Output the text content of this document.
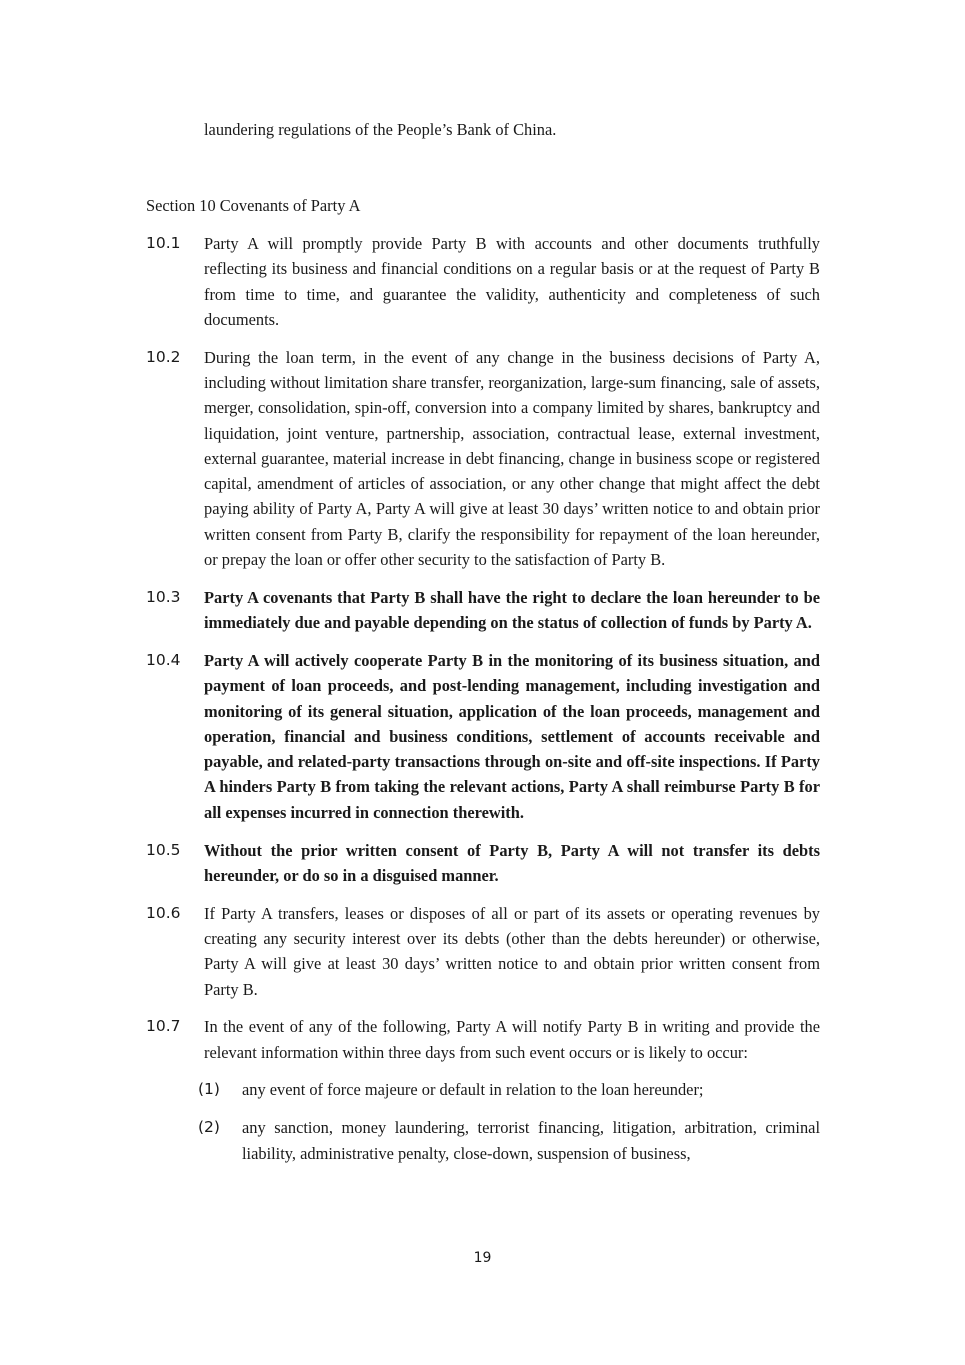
laundering regulations of the People’s Bank of China.
Section 10 Covenants of Party A
10.1	Party A will promptly provide Party B with accounts and other documents truthfully reflecting its business and financial conditions on a regular basis or at the request of Party B from time to time, and guarantee the validity, authenticity and completeness of such documents.
10.2	During the loan term, in the event of any change in the business decisions of Party A, including without limitation share transfer, reorganization, large-sum financing, sale of assets, merger, consolidation, spin-off, conversion into a company limited by shares, bankruptcy and liquidation, joint venture, partnership, association, contractual lease, external investment, external guarantee, material increase in debt financing, change in business scope or registered capital, amendment of articles of association, or any other change that might affect the debt paying ability of Party A, Party A will give at least 30 days’ written notice to and obtain prior written consent from Party B, clarify the responsibility for repayment of the loan hereunder, or prepay the loan or offer other security to the satisfaction of Party B.
10.3	Party A covenants that Party B shall have the right to declare the loan hereunder to be immediately due and payable depending on the status of collection of funds by Party A.
10.4	Party A will actively cooperate Party B in the monitoring of its business situation, and payment of loan proceeds, and post-lending management, including investigation and monitoring of its general situation, application of the loan proceeds, management and operation, financial and business conditions, settlement of accounts receivable and payable, and related-party transactions through on-site and off-site inspections. If Party A hinders Party B from taking the relevant actions, Party A shall reimburse Party B for all expenses incurred in connection therewith.
10.5	Without the prior written consent of Party B, Party A will not transfer its debts hereunder, or do so in a disguised manner.
10.6	If Party A transfers, leases or disposes of all or part of its assets or operating revenues by creating any security interest over its debts (other than the debts hereunder) or otherwise, Party A will give at least 30 days’ written notice to and obtain prior written consent from Party B.
10.7	In the event of any of the following, Party A will notify Party B in writing and provide the relevant information within three days from such event occurs or is likely to occur:
(1)	any event of force majeure or default in relation to the loan hereunder;
(2)	any sanction, money laundering, terrorist financing, litigation, arbitration, criminal liability, administrative penalty, close-down, suspension of business,
19
